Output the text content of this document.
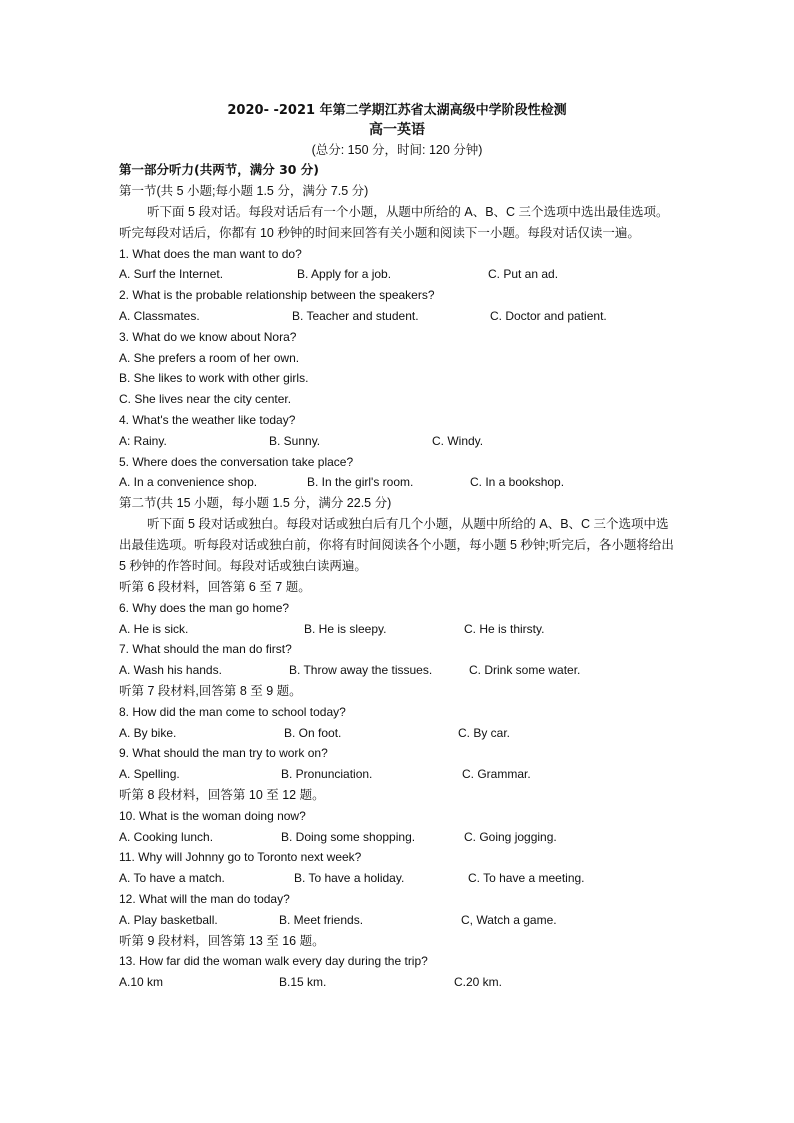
2020- -2021 年第二学期江苏省太湖高级中学阶段性检测
高一英语
(总分: 150 分，时间: 120 分钟)
第一部分听力(共两节，满分 30 分)
第一节(共 5 小题;每小题 1.5 分，满分 7.5 分)
听下面 5 段对话。每段对话后有一个小题，从题中所给的 A、B、C 三个选项中选出最佳选项。听完每段对话后，你都有 10 秒钟的时间来回答有关小题和阅读下一小题。每段对话仅读一遍。
1. What does the man want to do?
A. Surf the Internet.	B. Apply for a job.	C. Put an ad.
2. What is the probable relationship between the speakers?
A. Classmates.	B. Teacher and student.	C. Doctor and patient.
3. What do we know about Nora?
A. She prefers a room of her own.
B. She likes to work with other girls.
C. She lives near the city center.
4. What's the weather like today?
A: Rainy.	B. Sunny.	C. Windy.
5. Where does the conversation take place?
A. In a convenience shop.	B. In the girl's room.	C. In a bookshop.
第二节(共 15 小题，每小题 1.5 分，满分 22.5 分)
听下面 5 段对话或独白。每段对话或独白后有几个小题，从题中所给的 A、B、C 三个选项中选出最佳选项。听每段对话或独白前，你将有时间阅读各个小题，每小题 5 秒钟;听完后，各小题将给出 5 秒钟的作答时间。每段对话或独白读两遍。
听第 6 段材料，回答第 6 至 7 题。
6. Why does the man go home?
A. He is sick.	B. He is sleepy.	C. He is thirsty.
7. What should the man do first?
A. Wash his hands.	B. Throw away the tissues.	C. Drink some water.
听第 7 段材料,回答第 8 至 9 题。
8. How did the man come to school today?
A. By bike.	B. On foot.	C. By car.
9. What should the man try to work on?
A. Spelling.	B. Pronunciation.	C. Grammar.
听第 8 段材料，回答第 10 至 12 题。
10. What is the woman doing now?
A. Cooking lunch.	B. Doing some shopping.	C. Going jogging.
11. Why will Johnny go to Toronto next week?
A. To have a match.	B. To have a holiday.	C. To have a meeting.
12. What will the man do today?
A. Play basketball.	B. Meet friends.	C, Watch a game.
听第 9 段材料，回答第 13 至 16 题。
13. How far did the woman walk every day during the trip?
A.10 km	B.15 km.	C.20 km.
